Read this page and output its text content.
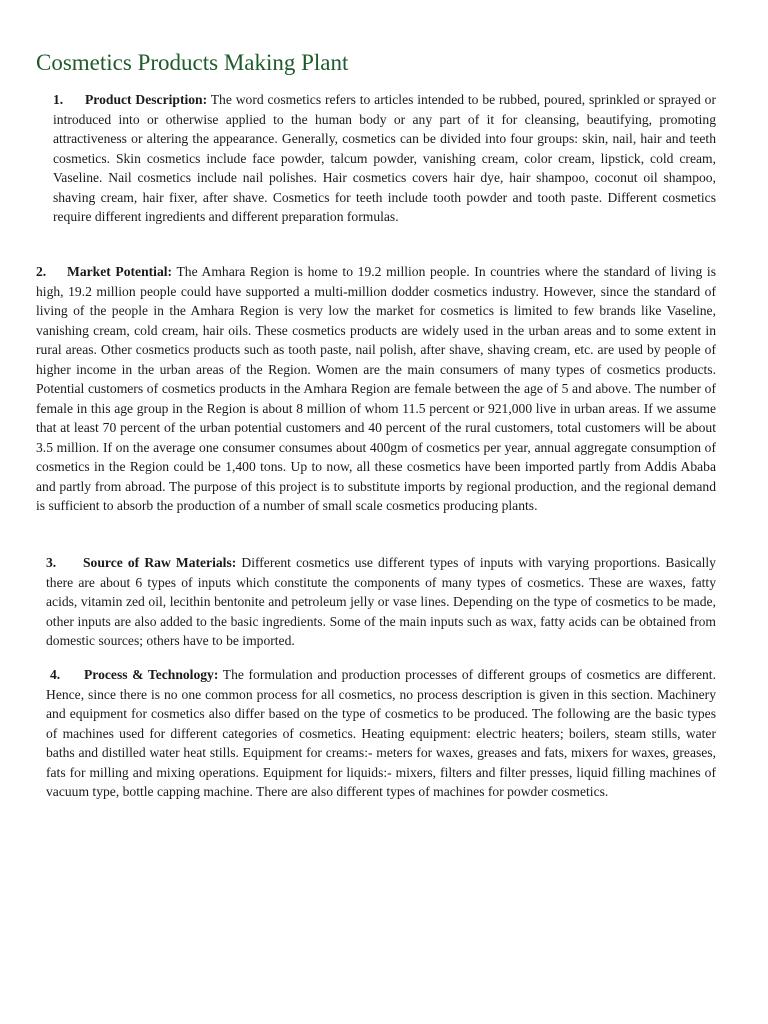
Cosmetics Products Making Plant

1. Product Description: The word cosmetics refers to articles intended to be rubbed, poured, sprinkled or sprayed or introduced into or otherwise applied to the human body or any part of it for cleansing, beautifying, promoting attractiveness or altering the appearance. Generally, cosmetics can be divided into four groups: skin, nail, hair and teeth cosmetics. Skin cosmetics include face powder, talcum powder, vanishing cream, color cream, lipstick, cold cream, Vaseline. Nail cosmetics include nail polishes. Hair cosmetics covers hair dye, hair shampoo, coconut oil shampoo, shaving cream, hair fixer, after shave. Cosmetics for teeth include tooth powder and tooth paste. Different cosmetics require different ingredients and different preparation formulas.

2. Market Potential: The Amhara Region is home to 19.2 million people. In countries where the standard of living is high, 19.2 million people could have supported a multi-million dodder cosmetics industry. However, since the standard of living of the people in the Amhara Region is very low the market for cosmetics is limited to few brands like Vaseline, vanishing cream, cold cream, hair oils. These cosmetics products are widely used in the urban areas and to some extent in rural areas. Other cosmetics products such as tooth paste, nail polish, after shave, shaving cream, etc. are used by people of higher income in the urban areas of the Region. Women are the main consumers of many types of cosmetics products. Potential customers of cosmetics products in the Amhara Region are female between the age of 5 and above. The number of female in this age group in the Region is about 8 million of whom 11.5 percent or 921,000 live in urban areas. If we assume that at least 70 percent of the urban potential customers and 40 percent of the rural customers, total customers will be about 3.5 million. If on the average one consumer consumes about 400gm of cosmetics per year, annual aggregate consumption of cosmetics in the Region could be 1,400 tons. Up to now, all these cosmetics have been imported partly from Addis Ababa and partly from abroad. The purpose of this project is to substitute imports by regional production, and the regional demand is sufficient to absorb the production of a number of small scale cosmetics producing plants.

3. Source of Raw Materials: Different cosmetics use different types of inputs with varying proportions. Basically there are about 6 types of inputs which constitute the components of many types of cosmetics. These are waxes, fatty acids, vitamin zed oil, lecithin bentonite and petroleum jelly or vase lines. Depending on the type of cosmetics to be made, other inputs are also added to the basic ingredients. Some of the main inputs such as wax, fatty acids can be obtained from domestic sources; others have to be imported.

4. Process & Technology: The formulation and production processes of different groups of cosmetics are different. Hence, since there is no one common process for all cosmetics, no process description is given in this section. Machinery and equipment for cosmetics also differ based on the type of cosmetics to be produced. The following are the basic types of machines used for different categories of cosmetics. Heating equipment: electric heaters; boilers, steam stills, water baths and distilled water heat stills. Equipment for creams:- meters for waxes, greases and fats, mixers for waxes, greases, fats for milling and mixing operations. Equipment for liquids:- mixers, filters and filter presses, liquid filling machines of vacuum type, bottle capping machine. There are also different types of machines for powder cosmetics.
